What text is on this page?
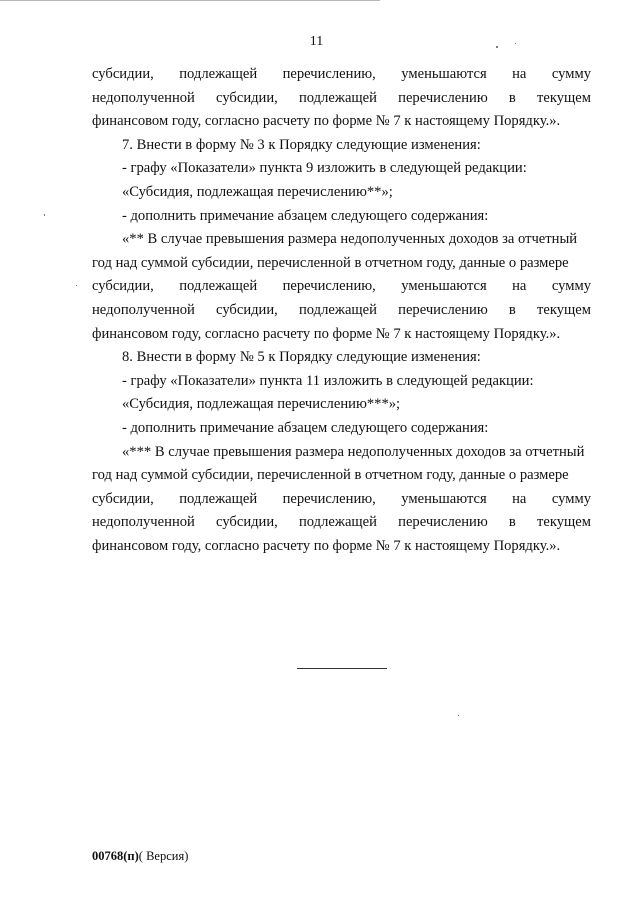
11
субсидии, подлежащей перечислению, уменьшаются на сумму
недополученной субсидии, подлежащей перечислению в текущем
финансовом году, согласно расчету по форме № 7 к настоящему Порядку.».
7. Внести в форму № 3 к Порядку следующие изменения:
- графу «Показатели» пункта 9 изложить в следующей редакции:
«Субсидия, подлежащая перечислению**»;
- дополнить примечание абзацем следующего содержания:
«** В случае превышения размера недополученных доходов за отчетный
год над суммой субсидии, перечисленной в отчетном году, данные о размере
субсидии, подлежащей перечислению, уменьшаются на сумму
недополученной субсидии, подлежащей перечислению в текущем
финансовом году, согласно расчету по форме № 7 к настоящему Порядку.».
8. Внести в форму № 5 к Порядку следующие изменения:
- графу «Показатели» пункта 11 изложить в следующей редакции:
«Субсидия, подлежащая перечислению***»;
- дополнить примечание абзацем следующего содержания:
«*** В случае превышения размера недополученных доходов за отчетный
год над суммой субсидии, перечисленной в отчетном году, данные о размере
субсидии, подлежащей перечислению, уменьшаются на сумму
недополученной субсидии, подлежащей перечислению в текущем
финансовом году, согласно расчету по форме № 7 к настоящему Порядку.».
00768(п)( Версия)
